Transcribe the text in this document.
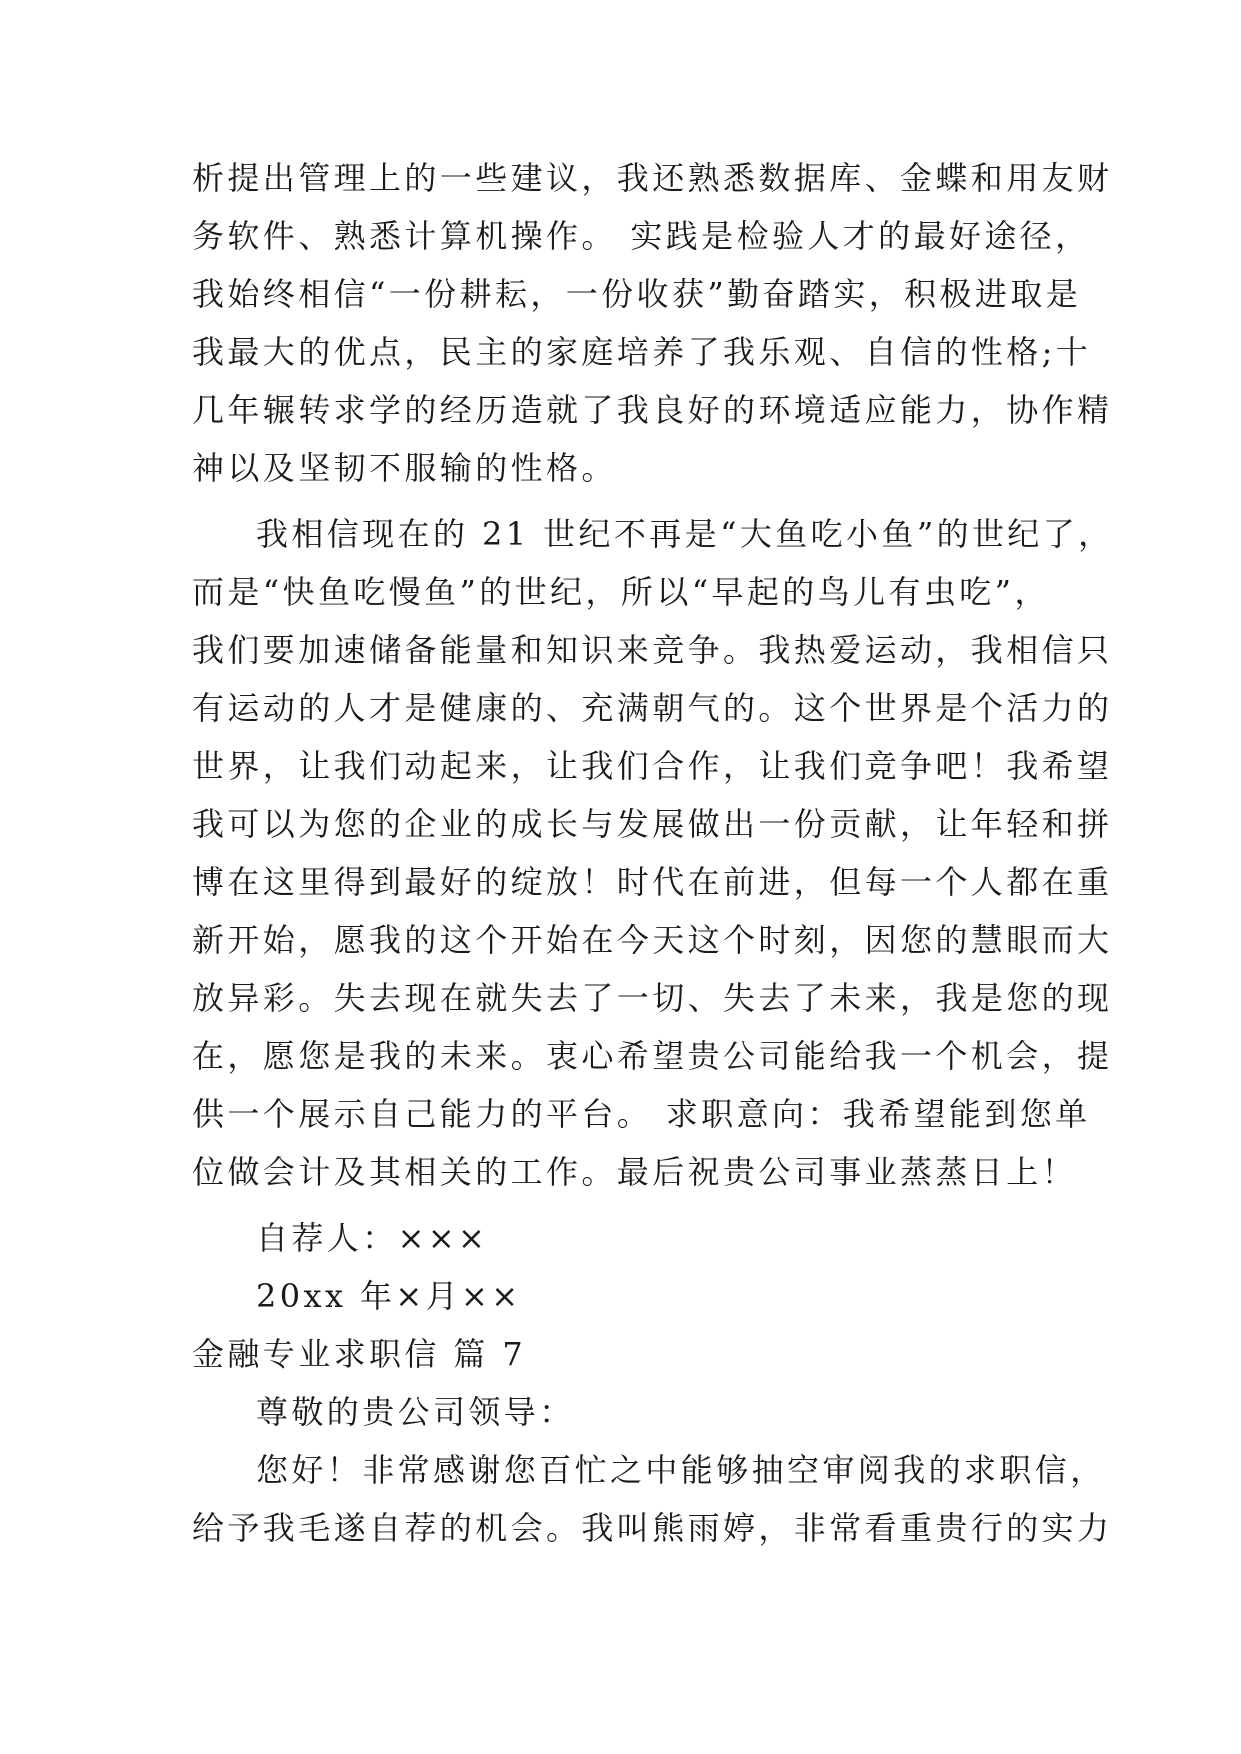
析提出管理上的一些建议，我还熟悉数据库、金蝶和用友财
务软件、熟悉计算机操作。 实践是检验人才的最好途径，
我始终相信“一份耕耘，一份收获”勤奋踏实，积极进取是
我最大的优点，民主的家庭培养了我乐观、自信的性格;十
几年辗转求学的经历造就了我良好的环境适应能力，协作精
神以及坚韧不服输的性格。
我相信现在的 21 世纪不再是“大鱼吃小鱼”的世纪了，
而是“快鱼吃慢鱼”的世纪，所以“早起的鸟儿有虫吃”，
我们要加速储备能量和知识来竞争。我热爱运动，我相信只
有运动的人才是健康的、充满朝气的。这个世界是个活力的
世界，让我们动起来，让我们合作，让我们竞争吧！我希望
我可以为您的企业的成长与发展做出一份贡献，让年轻和拼
博在这里得到最好的绽放！时代在前进，但每一个人都在重
新开始，愿我的这个开始在今天这个时刻，因您的慧眼而大
放异彩。失去现在就失去了一切、失去了未来，我是您的现
在，愿您是我的未来。衷心希望贵公司能给我一个机会，提
供一个展示自己能力的平台。 求职意向：我希望能到您单
位做会计及其相关的工作。最后祝贵公司事业蒸蒸日上！
自荐人：×××
20xx 年×月××
金融专业求职信 篇 7
尊敬的贵公司领导：
您好！非常感谢您百忙之中能够抽空审阅我的求职信，
给予我毛遂自荐的机会。我叫熊雨婷，非常看重贵行的实力
